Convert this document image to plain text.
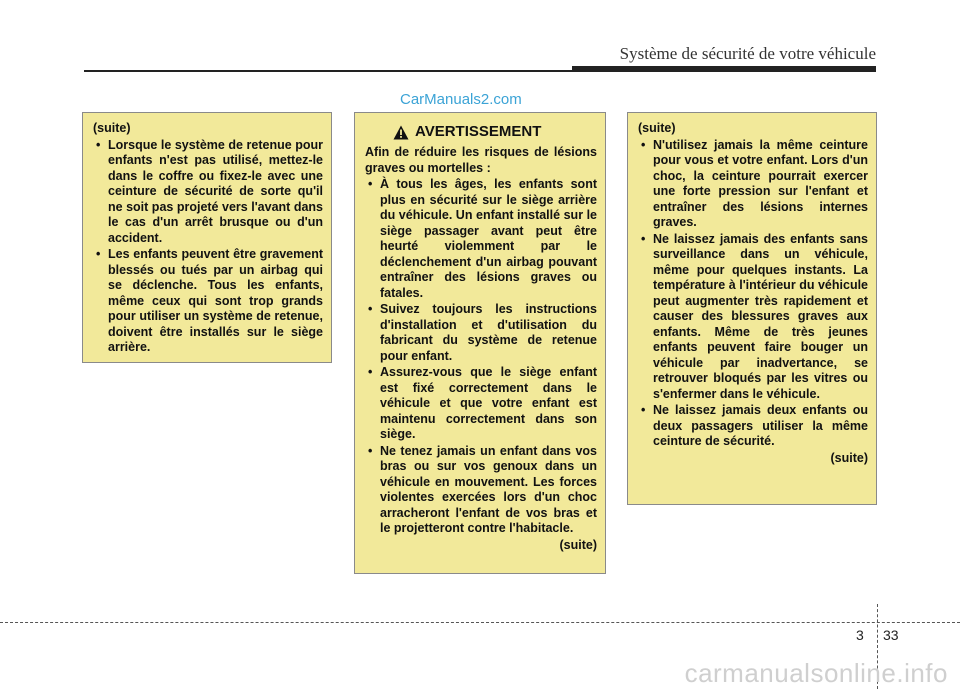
Système de sécurité de votre véhicule
CarManuals2.com
(suite)
• Lorsque le système de retenue pour enfants n'est pas utilisé, mettez-le dans le coffre ou fixez-le avec une ceinture de sécurité de sorte qu'il ne soit pas projeté vers l'avant dans le cas d'un arrêt brusque ou d'un accident.
• Les enfants peuvent être gravement blessés ou tués par un airbag qui se déclenche. Tous les enfants, même ceux qui sont trop grands pour utiliser un système de retenue, doivent être installés sur le siège arrière.
AVERTISSEMENT
Afin de réduire les risques de lésions graves ou mortelles :
• À tous les âges, les enfants sont plus en sécurité sur le siège arrière du véhicule. Un enfant installé sur le siège passager avant peut être heurté violemment par le déclenchement d'un airbag pouvant entraîner des lésions graves ou fatales.
• Suivez toujours les instructions d'installation et d'utilisation du fabricant du système de retenue pour enfant.
• Assurez-vous que le siège enfant est fixé correctement dans le véhicule et que votre enfant est maintenu correctement dans son siège.
• Ne tenez jamais un enfant dans vos bras ou sur vos genoux dans un véhicule en mouvement. Les forces violentes exercées lors d'un choc arracheront l'enfant de vos bras et le projetteront contre l'habitacle.
(suite)
(suite)
• N'utilisez jamais la même ceinture pour vous et votre enfant. Lors d'un choc, la ceinture pourrait exercer une forte pression sur l'enfant et entraîner des lésions internes graves.
• Ne laissez jamais des enfants sans surveillance dans un véhicule, même pour quelques instants. La température à l'intérieur du véhicule peut augmenter très rapidement et causer des blessures graves aux enfants. Même de très jeunes enfants peuvent faire bouger un véhicule par inadvertance, se retrouver bloqués par les vitres ou s'enfermer dans le véhicule.
• Ne laissez jamais deux enfants ou deux passagers utiliser la même ceinture de sécurité.
(suite)
3 33
carmanualsonline.info
